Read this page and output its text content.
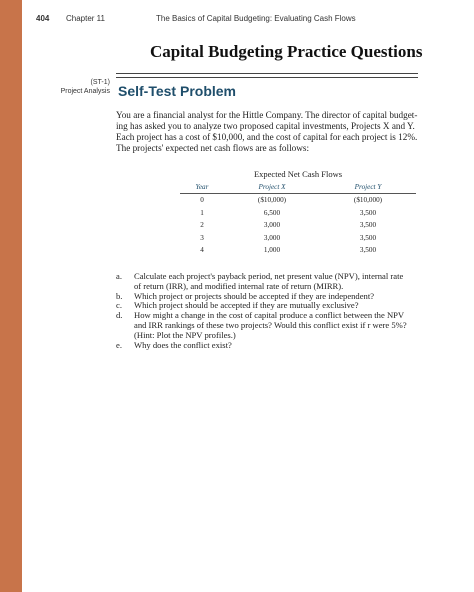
404 Chapter 11	The Basics of Capital Budgeting: Evaluating Cash Flows
Capital Budgeting Practice Questions
(ST-1)
Project Analysis Self-Test Problem
You are a financial analyst for the Hittle Company. The director of capital budget-
ing has asked you to analyze two proposed capital investments, Projects X and Y.
Each project has a cost of $10,000, and the cost of capital for each project is 12%.
The projects' expected net cash flows are as follows:
Expected Net Cash Flows
Year	Project X	Project Y
0	($10,000)	($10,000)
1	6,500	3,500
2	3,000	3,500
3	3,000	3,500
4	1,000	3,500
a.	Calculate each project's payback period, net present value (NPV), internal rate
of return (IRR), and modified internal rate of return (MIRR).
b.	Which project or projects should be accepted if they are independent?
c.	Which project should be accepted if they are mutually exclusive?
d.	How might a change in the cost of capital produce a conflict between the NPV
and IRR rankings of these two projects? Would this conflict exist if r were 5%?
(Hint: Plot the NPV profiles.)
e.	Why does the conflict exist?
